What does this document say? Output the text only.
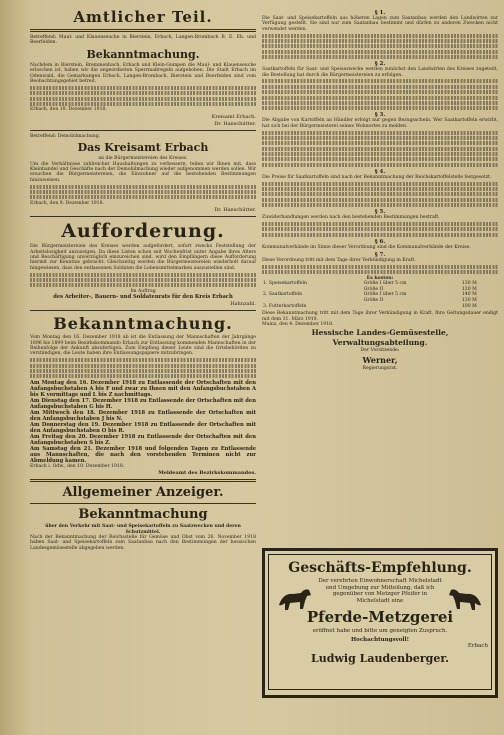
Amtlicher Teil.

Betreffend: Maul- und Klauenseuche in Bierstein, Erbach, Langen-Brombach B. E. Eh. und Beerfelden.

Bekanntmachung.

Nachdem in Bierstein, Bremmenbach, Erbach und Klein-Gumpen die Maul- und Klauenseuche erloschen ist, haben wir die angeordneten Sperrmaßregeln aufgehoben. Die Stadt Erbach im Odenwald, die Gemarkungen Erbach, Langen-Brombach, Bierstein und Beerfelden sind vom Beobachtungsgebiet befreit.

Erbach, den 10. Dezember 1918.

Kreisamt Erbach.
Dr. Hanschütter.

Betreffend: Demobilmachung.

Das Kreisamt Erbach

an die Bürgermeistereien des Kreises.

Um die Verhältnisse zahlreicher Haushaltungen zu verbessern, teilen wir Ihnen mit, dass Kleinhandel und Geschäfte nach der Demobilmachung wieder aufgenommen werden sollen. Wir ersuchen die Bürgermeistereien, die Einwohner auf die bestehenden Bestimmungen hinzuweisen.

Erbach, den 9. Dezember 1918.

Dr. Hanschütter.
Aufforderung.

Die Bürgermeistereien des Kreises werden aufgefordert, sofort zwecks Feststellung der Arbeitslosigkeit anzuzeigen. Da diese Listen schon seit Wochenfrist unter Angabe ihres Alters und Beschäftigung unverzüglich einzureichen sind, wird den Empfängern diese Aufforderung hiermit zur Kenntnis gebracht. Gleichzeitig werden die Bürgermeistereien wiederholt darauf hingewiesen, dass den entlassenen Soldaten die Lebensmittelmarken auszustellen sind.

Im Auftrag

des Arbeiter-, Bauern- und Soldatenrats für den Kreis Erbach

Hahnzahl.
Bekanntmachung.

Vom Montag den 16. Dezember 1918 ab ist die Entlassung der Mannschaften der Jahrgänge 1896 bis 1899 beim Bezirkskommando Erbach zur Entlassung kommenden Mannschaften in der Reihenfolge der Ankunft abzufertigen. Zum Empfang dieser Leute sind die Ortsbehörden zu verständigen, die Leute haben ihre Entlassungspapiere mitzubringen.

Am Montag den 16. Dezember 1918 zu Entlassende der Ortschaften mit den Anfangsbuchstaben A bis F und zwar zu Ihnen mit den Anfangsbuchstaben A bis K vormittags und L bis Z nachmittags.

Am Dienstag den 17. Dezember 1918 zu Entlassende der Ortschaften mit den Anfangsbuchstaben G bis H.

Am Mittwoch den 18. Dezember 1918 zu Entlassende der Ortschaften mit den Anfangsbuchstaben J bis N.

Am Donnerstag den 19. Dezember 1918 zu Entlassende der Ortschaften mit den Anfangsbuchstaben O bis R.

Am Freitag den 20. Dezember 1918 zu Entlassende der Ortschaften mit den Anfangsbuchstaben S bis Z.

Am Samstag den 21. Dezember 1918 und folgenden Tagen zu Entlassende aus Mannschaften, die nach den vorstehenden Terminen nicht zur Abmeldung kamen.

Erbach i. Odw., den 10. Dezember 1918.

Meldeamt des Bezirkskommandos.
Allgemeiner Anzeiger.
Bekanntmachung

über den Verkehr mit Saat- und Speisekartoffeln zu Saatzwecken und deren Schutzmittel.

Nach der Bekanntmachung der Reichsstelle für Gemüse und Obst vom 26. November 1918 haben Saat- und Speisekartoffeln zum Saatanbau nach den Bestimmungen der hessischen Landesgemüsestelle abgegeben werden.

§ 1.

Die Saat- und Speisekartoffeln aus höheren Lagen zum Saatanbau werden den Landwirten zur Verfügung gestellt. Sie sind nur zum Saatanbau bestimmt und dürfen zu anderen Zwecken nicht verwendet werden.

§ 2.

Saatkartoffeln für Saat- und Speisezwecke werden zunächst den Landwirten des Kreises zugeteilt, die Bestellung hat durch die Bürgermeistereien zu erfolgen.

§ 3.

Die Abgabe von Kartoffeln an Händler erfolgt nur gegen Bezugsschein. Wer Saatkartoffeln erwirbt, hat sich bei der Bürgermeisterei seines Wohnortes zu melden.

§ 4.

Die Preise für Saatkartoffeln sind nach der Bekanntmachung der Reichskartoffelstelle festgesetzt.

§ 5.

Zuwiderhandlungen werden nach den bestehenden Bestimmungen bestraft.

§ 6.

Kommunalverbände im Sinne dieser Verordnung sind die Kommunalverbände der Kreise.

§ 7.

Diese Verordnung tritt mit dem Tage ihrer Verkündigung in Kraft.

Es kosten:

1. Speisekartoffeln	Größe I über 5 cm	130 M
	Größe II	120 M
2. Saatkartoffeln	Größe I über 5 cm	140 M
	Größe II	130 M
3. Futterkartoffeln		100 M

Diese Bekanntmachung tritt mit dem Tage ihrer Verkündigung in Kraft. Ihre Geltungsdauer endigt mit dem 31. März 1919.

Mainz, den 4. Dezember 1918.

Hessische Landes-Gemüsestelle,
Verwaltungsabteilung.

Der Vorsitzende:

Werner,

Regierungsrat.

Geschäfts-Empfehlung.
Der verehrten Einwohnerschaft Michelstadt und Umgebung zur Mitteilung, daß ich gegenüber von Metzger Pfeifer in Michelstadt eine
Pferde-Metzgerei
eröffnet habe und bitte um geneigten Zuspruch.
Hochachtungsvoll!
Erbach
Ludwig Laudenberger.
